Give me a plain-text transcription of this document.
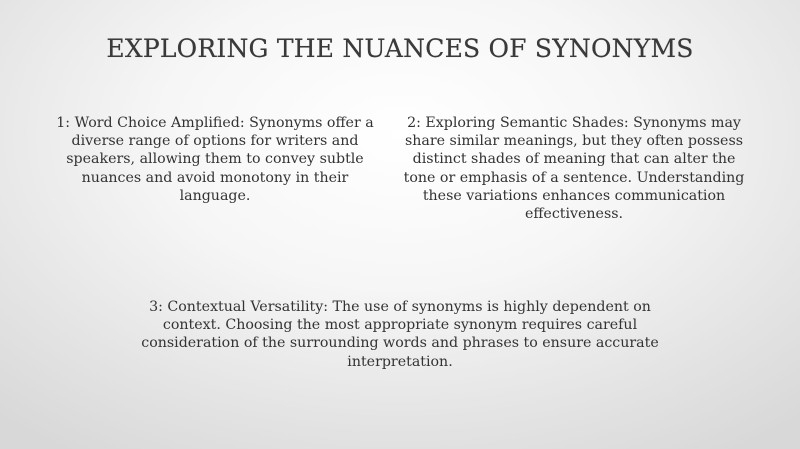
EXPLORING THE NUANCES OF SYNONYMS

1: Word Choice Amplified: Synonyms offer a diverse range of options for writers and speakers, allowing them to convey subtle nuances and avoid monotony in their language.

2: Exploring Semantic Shades: Synonyms may share similar meanings, but they often possess distinct shades of meaning that can alter the tone or emphasis of a sentence. Understanding these variations enhances communication effectiveness.

3: Contextual Versatility: The use of synonyms is highly dependent on context. Choosing the most appropriate synonym requires careful consideration of the surrounding words and phrases to ensure accurate interpretation.
